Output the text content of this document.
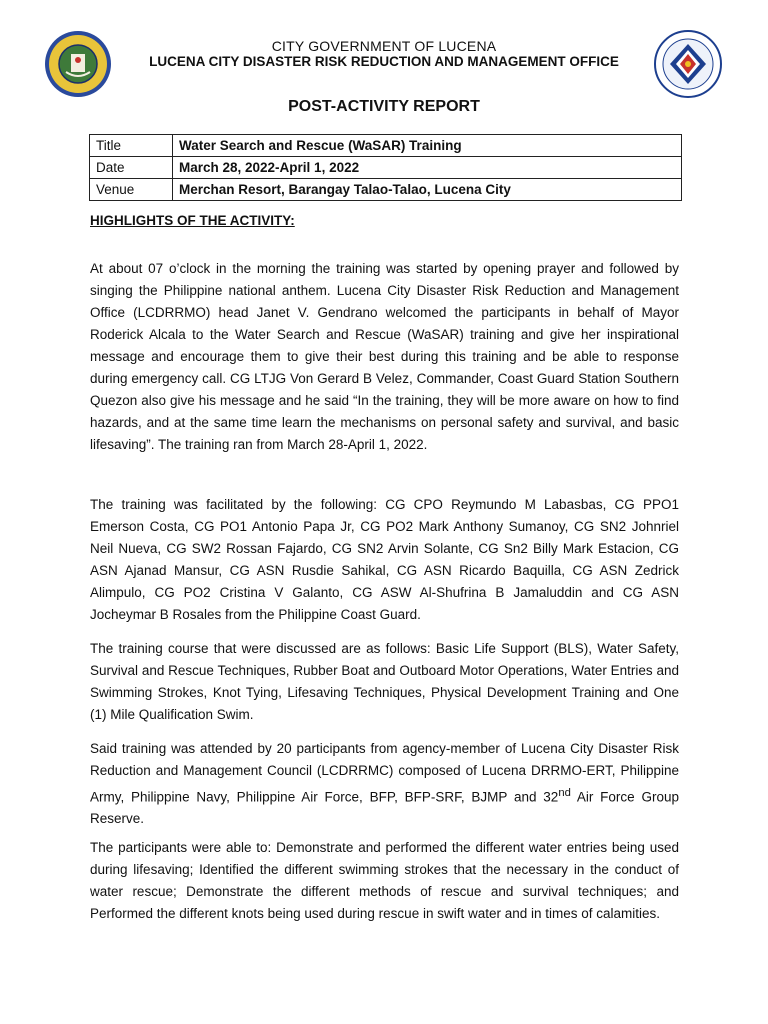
CITY GOVERNMENT OF LUCENA
LUCENA CITY DISASTER RISK REDUCTION AND MANAGEMENT OFFICE
POST-ACTIVITY REPORT
Title	Water Search and Rescue (WaSAR) Training
Date	March 28, 2022-April 1, 2022
Venue	Merchan Resort, Barangay Talao-Talao, Lucena City
HIGHLIGHTS OF THE ACTIVITY:

At about 07 o’clock in the morning the training was started by opening prayer and followed by singing the Philippine national anthem. Lucena City Disaster Risk Reduction and Management Office (LCDRRMO) head Janet V. Gendrano welcomed the participants in behalf of Mayor Roderick Alcala to the Water Search and Rescue (WaSAR) training and give her inspirational message and encourage them to give their best during this training and be able to response during emergency call. CG LTJG Von Gerard B Velez, Commander, Coast Guard Station Southern Quezon also give his message and he said “In the training, they will be more aware on how to find hazards, and at the same time learn the mechanisms on personal safety and survival, and basic lifesaving”. The training ran from March 28-April 1, 2022.

The training was facilitated by the following: CG CPO Reymundo M Labasbas, CG PPO1 Emerson Costa, CG PO1 Antonio Papa Jr, CG PO2 Mark Anthony Sumanoy, CG SN2 Johnriel Neil Nueva, CG SW2 Rossan Fajardo, CG SN2 Arvin Solante, CG Sn2 Billy Mark Estacion, CG ASN Ajanad Mansur, CG ASN Rusdie Sahikal, CG ASN Ricardo Baquilla, CG ASN Zedrick Alimpulo, CG PO2 Cristina V Galanto, CG ASW Al-Shufrina B Jamaluddin and CG ASN Jocheymar B Rosales from the Philippine Coast Guard.

The training course that were discussed are as follows: Basic Life Support (BLS), Water Safety, Survival and Rescue Techniques, Rubber Boat and Outboard Motor Operations, Water Entries and Swimming Strokes, Knot Tying, Lifesaving Techniques, Physical Development Training and One (1) Mile Qualification Swim.

Said training was attended by 20 participants from agency-member of Lucena City Disaster Risk Reduction and Management Council (LCDRRMC) composed of Lucena DRRMO-ERT, Philippine Army, Philippine Navy, Philippine Air Force, BFP, BFP-SRF, BJMP and 32nd Air Force Group Reserve.

The participants were able to: Demonstrate and performed the different water entries being used during lifesaving; Identified the different swimming strokes that the necessary in the conduct of water rescue; Demonstrate the different methods of rescue and survival techniques; and Performed the different knots being used during rescue in swift water and in times of calamities.
